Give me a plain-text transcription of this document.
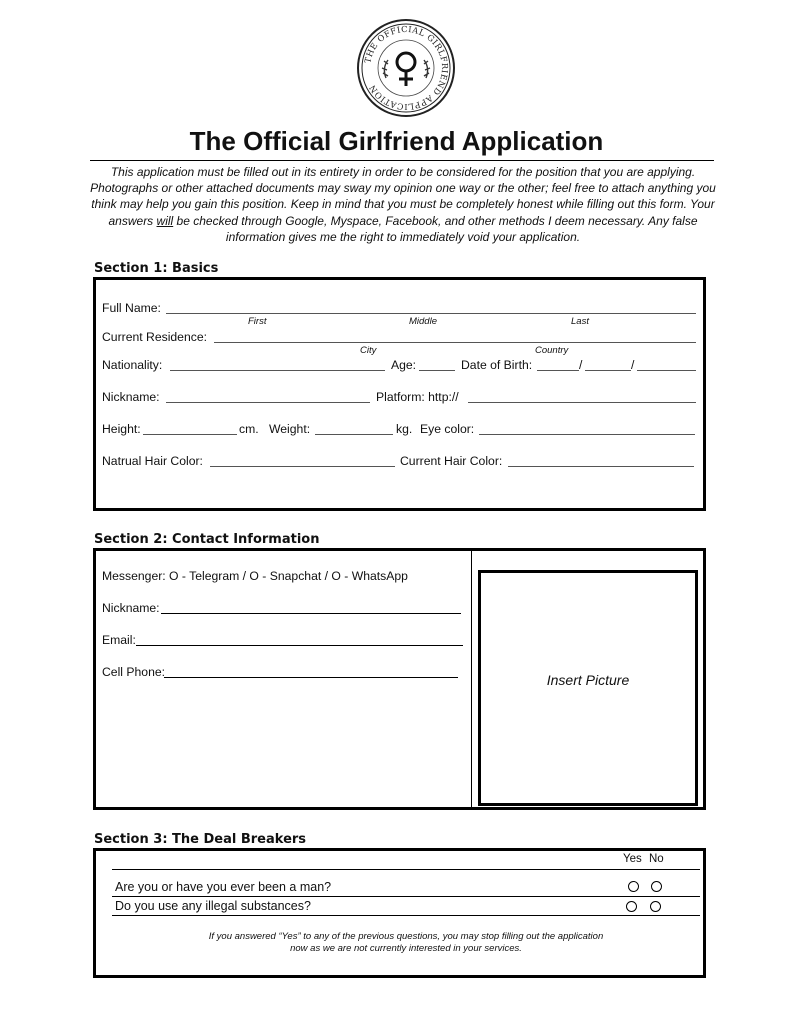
THE OFFICIAL GIRLFRIEND APPLICATION
The Official Girlfriend Application
This application must be filled out in its entirety in order to be considered for the position that you are applying. Photographs or other attached documents may sway my opinion one way or the other; feel free to attach anything you think may help you gain this position. Keep in mind that you must be completely honest while filling out this form. Your answers will be checked through Google, Myspace, Facebook, and other methods I deem necessary. Any false information gives me the right to immediately void your application.
Section 1: Basics
Full Name:
First	Middle	Last
Current Residence:
City	Country
Nationality:	Age:	Date of Birth:	/	/
Nickname:	Platform: http://
Height:	cm. Weight:	kg. Eye color:
Natrual Hair Color:	Current Hair Color:
Section 2: Contact Information
Messenger: O - Telegram / O - Snapchat / O - WhatsApp
Nickname:
Email:
Cell Phone:	Insert Picture
Section 3: The Deal Breakers
Yes No
Are you or have you ever been a man?
Do you use any illegal substances?
If you answered “Yes” to any of the previous questions, you may stop filling out the application
now as we are not currently interested in your services.
